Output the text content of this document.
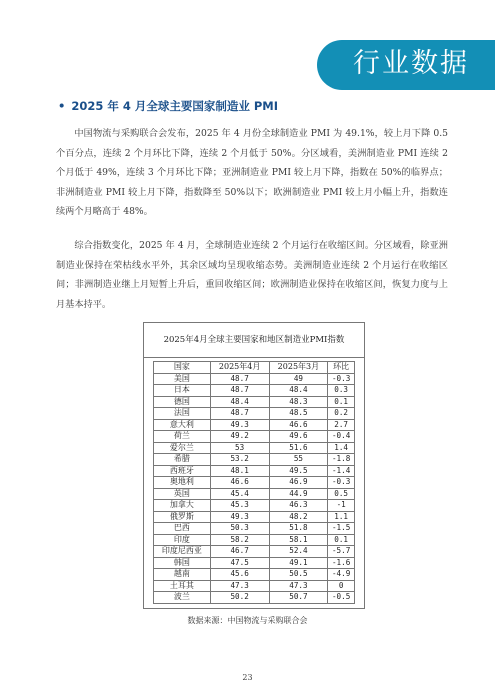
行业数据
• 2025 年 4 月全球主要国家制造业 PMI

中国物流与采购联合会发布，2025 年 4 月份全球制造业 PMI 为 49.1%，较上月下降 0.5 个百分点，连续 2 个月环比下降，连续 2 个月低于 50%。分区域看，美洲制造业 PMI 连续 2 个月低于 49%，连续 3 个月环比下降；亚洲制造业 PMI 较上月下降，指数在 50%的临界点；非洲制造业 PMI 较上月下降，指数降至 50%以下；欧洲制造业 PMI 较上月小幅上升，指数连续两个月略高于 48%。

综合指数变化，2025 年 4 月，全球制造业连续 2 个月运行在收缩区间。分区域看，除亚洲制造业保持在荣枯线水平外，其余区域均呈现收缩态势。美洲制造业连续 2 个月运行在收缩区间；非洲制造业继上月短暂上升后，重回收缩区间；欧洲制造业保持在收缩区间，恢复力度与上月基本持平。

2025年4月全球主要国家和地区制造业PMI指数
国家	2025年4月	2025年3月	环比
美国	48.7	49	-0.3
日本	48.7	48.4	0.3
德国	48.4	48.3	0.1
法国	48.7	48.5	0.2
意大利	49.3	46.6	2.7
荷兰	49.2	49.6	-0.4
爱尔兰	53	51.6	1.4
希腊	53.2	55	-1.8
西班牙	48.1	49.5	-1.4
奥地利	46.6	46.9	-0.3
英国	45.4	44.9	0.5
加拿大	45.3	46.3	-1
俄罗斯	49.3	48.2	1.1
巴西	50.3	51.8	-1.5
印度	58.2	58.1	0.1
印度尼西亚	46.7	52.4	-5.7
韩国	47.5	49.1	-1.6
越南	45.6	50.5	-4.9
土耳其	47.3	47.3	0
波兰	50.2	50.7	-0.5
数据来源：中国物流与采购联合会
23
